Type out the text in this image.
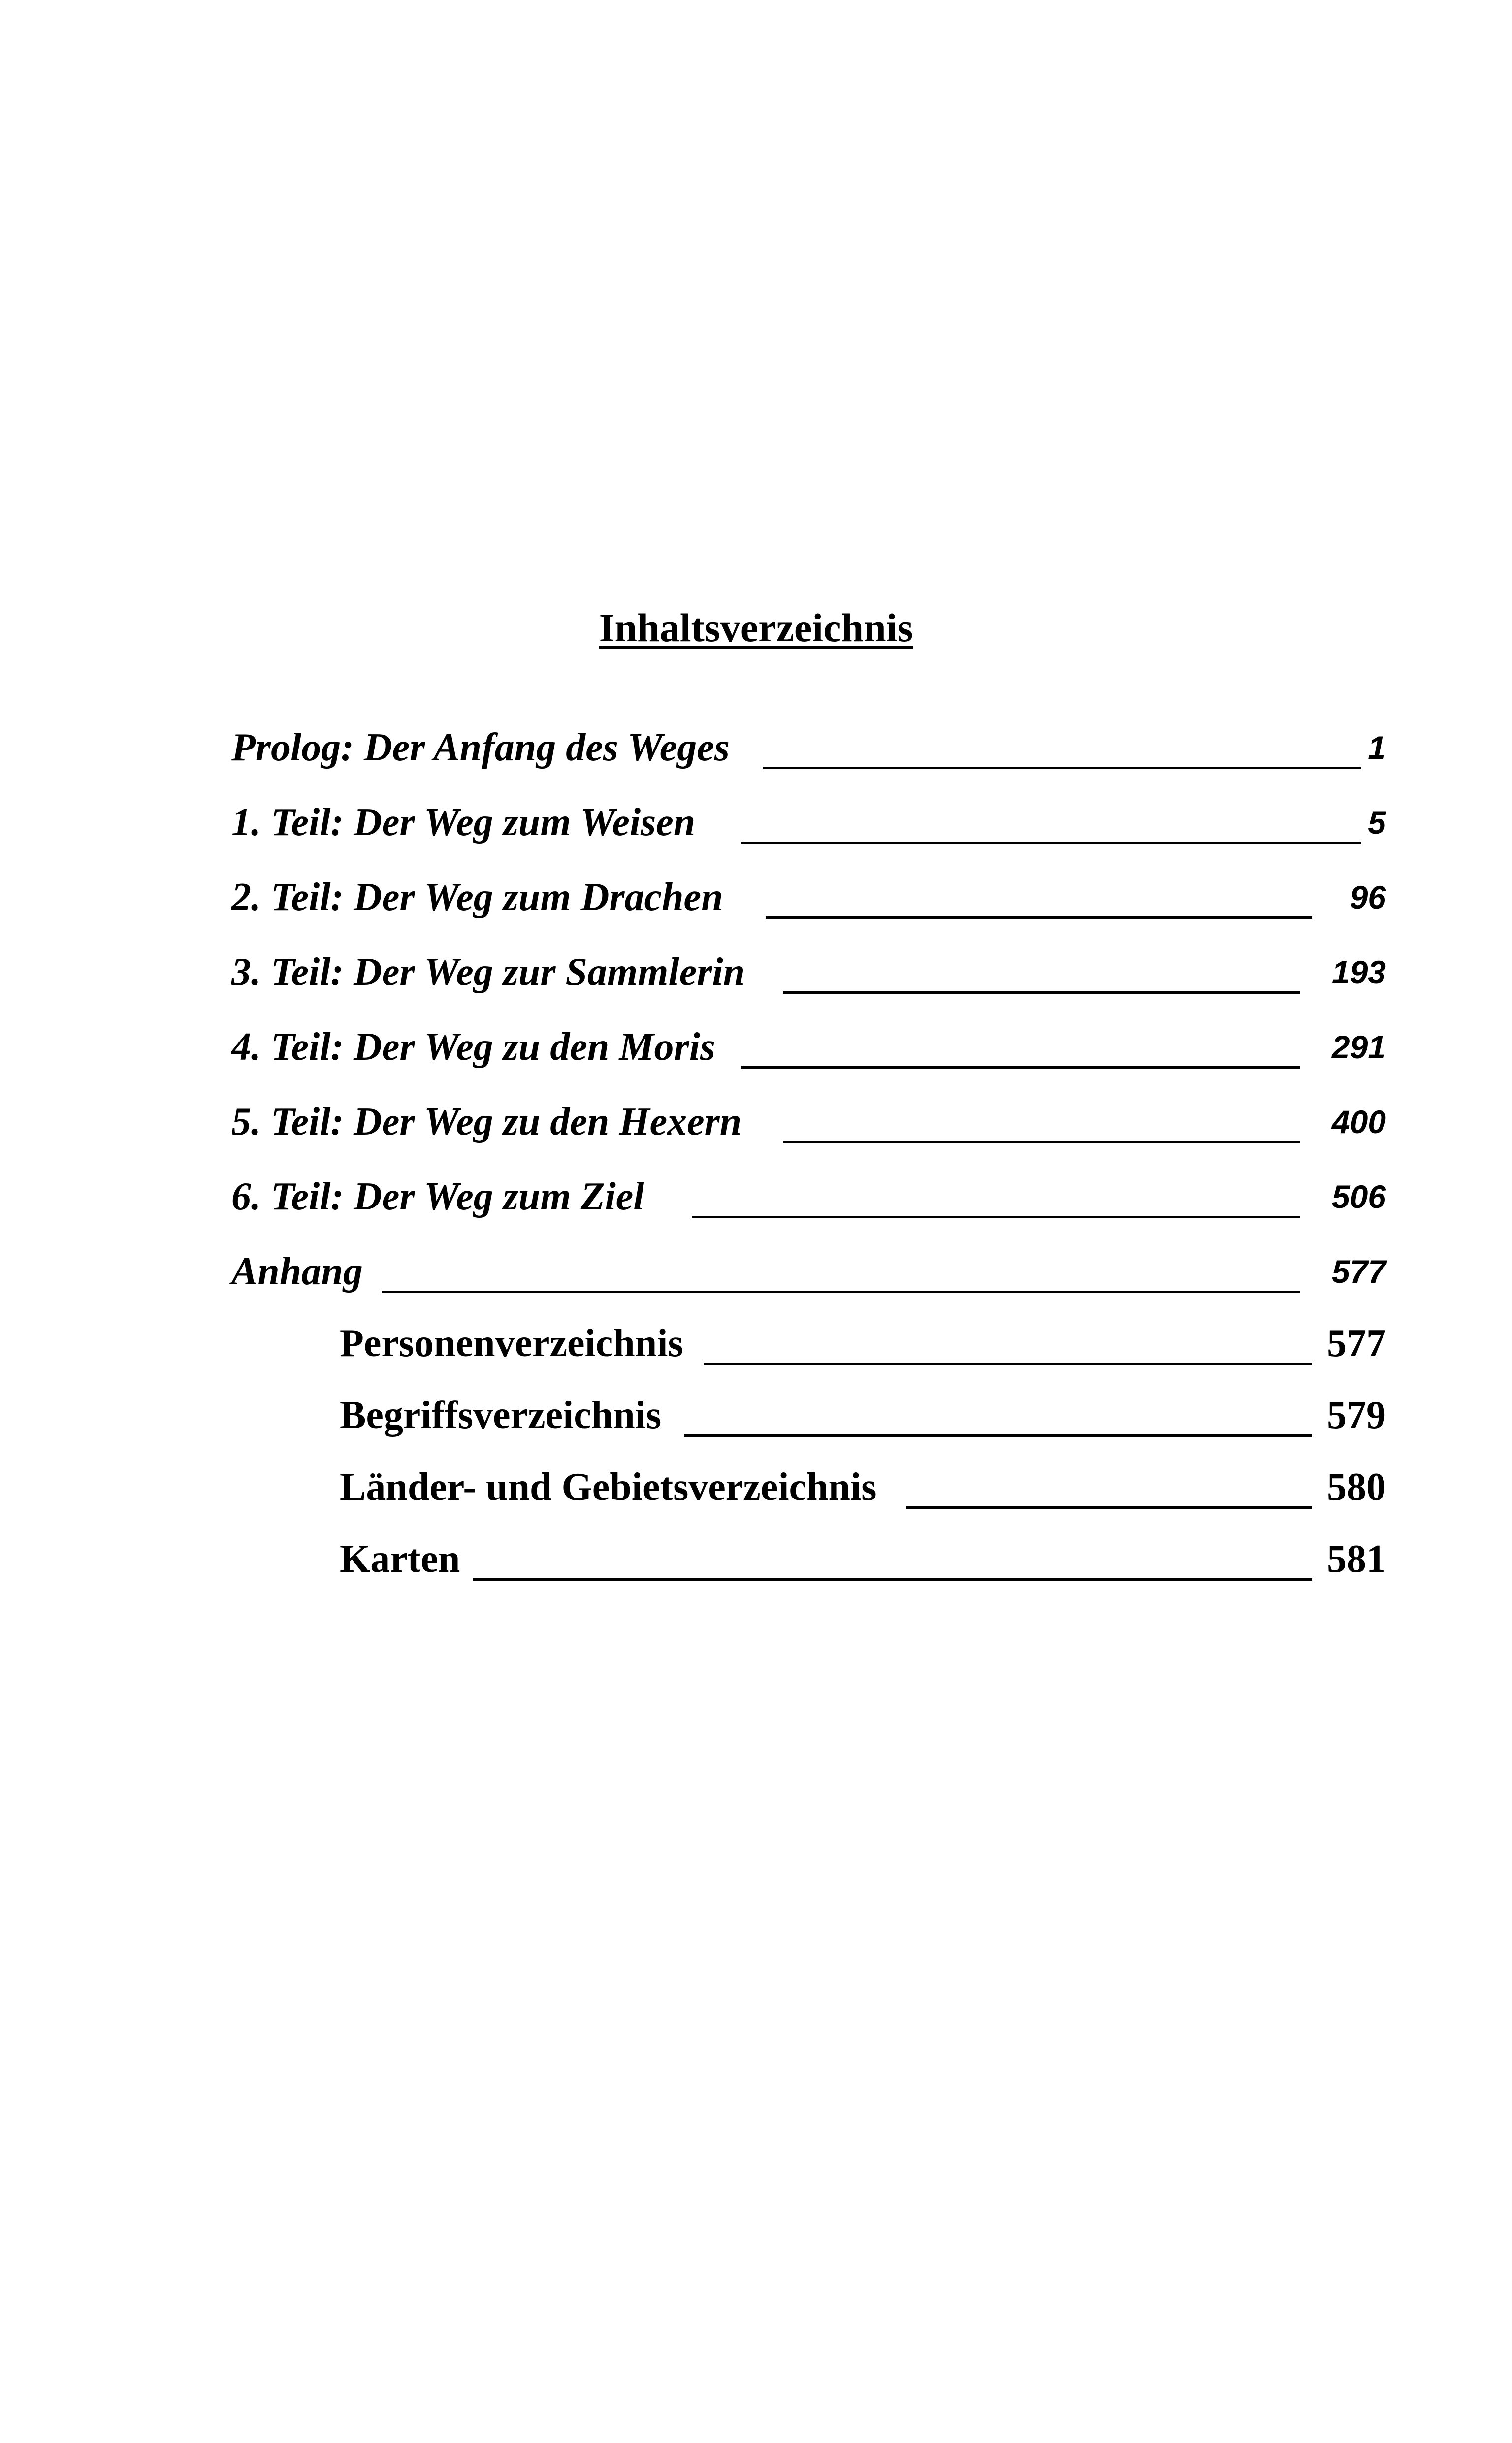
Inhaltsverzeichnis
Prolog: Der Anfang des Weges	1
1. Teil: Der Weg zum Weisen	5
2. Teil: Der Weg zum Drachen	96
3. Teil: Der Weg zur Sammlerin	193
4. Teil: Der Weg zu den Moris	291
5. Teil: Der Weg zu den Hexern	400
6. Teil: Der Weg zum Ziel	506
Anhang	577
Personenverzeichnis	577
Begriffsverzeichnis	579
Länder- und Gebietsverzeichnis	580
Karten	581
